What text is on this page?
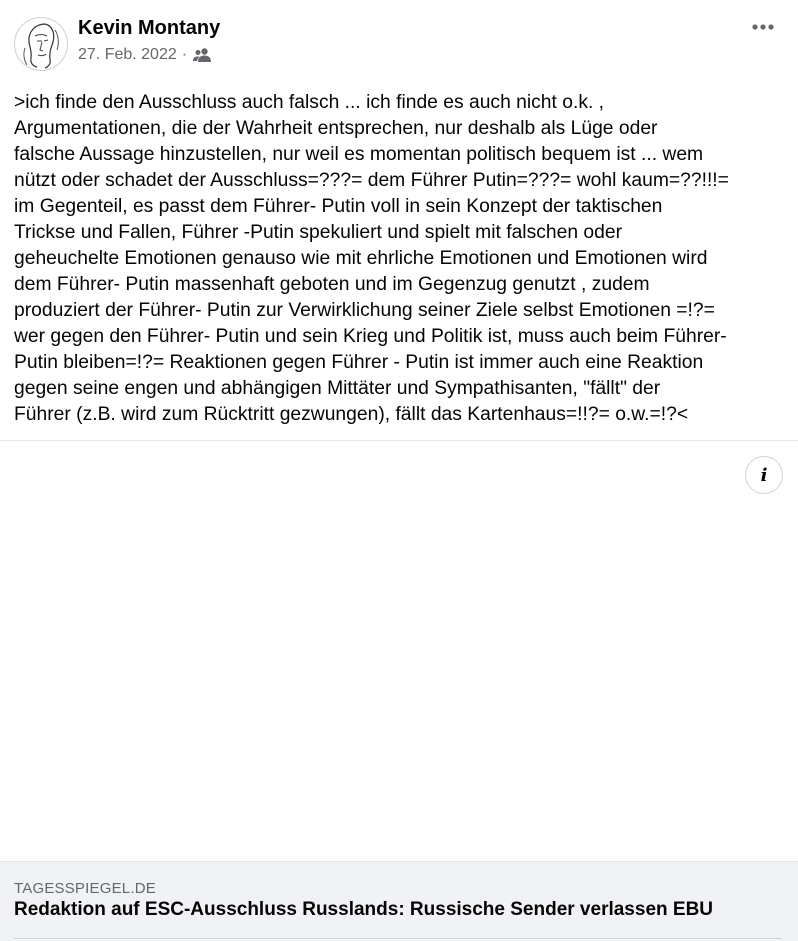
Kevin Montany
27. Feb. 2022 ·
>ich finde den Ausschluss auch falsch ... ich finde es auch nicht o.k. ,
Argumentationen, die der Wahrheit entsprechen, nur deshalb als Lüge oder
falsche Aussage hinzustellen, nur weil es momentan politisch bequem ist ... wem
nützt oder schadet der Ausschluss=???= dem Führer Putin=???= wohl kaum=??!!!=
im Gegenteil, es passt dem Führer- Putin voll in sein Konzept der taktischen
Trickse und Fallen, Führer -Putin spekuliert und spielt mit falschen oder
geheuchelte Emotionen genauso wie mit ehrliche Emotionen und Emotionen wird
dem Führer- Putin massenhaft geboten und im Gegenzug genutzt , zudem
produziert der Führer- Putin zur Verwirklichung seiner Ziele selbst Emotionen =!?=
wer gegen den Führer- Putin und sein Krieg und Politik ist, muss auch beim Führer-
Putin bleiben=!?= Reaktionen gegen Führer - Putin ist immer auch eine Reaktion
gegen seine engen und abhängigen Mittäter und Sympathisanten, "fällt" der
Führer (z.B. wird zum Rücktritt gezwungen), fällt das Kartenhaus=!!?= o.w.=!?<
i
TAGESSPIEGEL.DE
Redaktion auf ESC-Ausschluss Russlands: Russische Sender verlassen EBU
